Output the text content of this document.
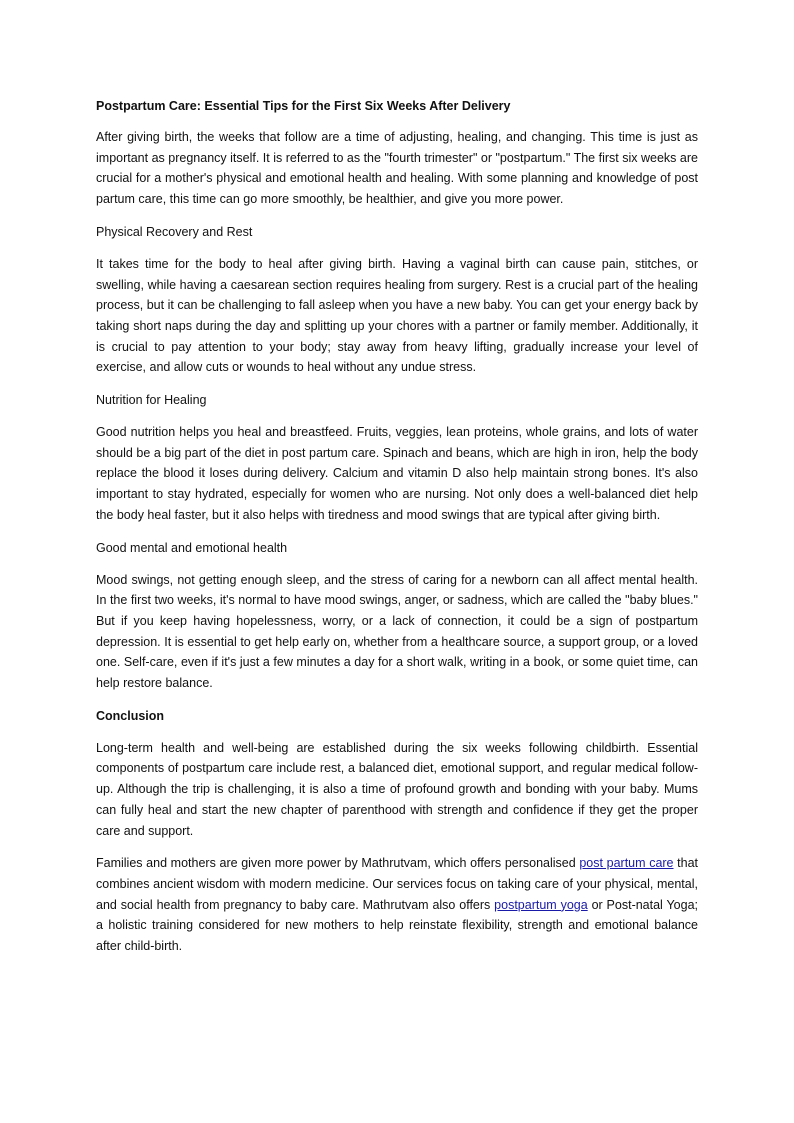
Postpartum Care: Essential Tips for the First Six Weeks After Delivery

After giving birth, the weeks that follow are a time of adjusting, healing, and changing. This time is just as important as pregnancy itself. It is referred to as the "fourth trimester" or "postpartum." The first six weeks are crucial for a mother's physical and emotional health and healing. With some planning and knowledge of post partum care, this time can go more smoothly, be healthier, and give you more power.

Physical Recovery and Rest

It takes time for the body to heal after giving birth. Having a vaginal birth can cause pain, stitches, or swelling, while having a caesarean section requires healing from surgery. Rest is a crucial part of the healing process, but it can be challenging to fall asleep when you have a new baby. You can get your energy back by taking short naps during the day and splitting up your chores with a partner or family member. Additionally, it is crucial to pay attention to your body; stay away from heavy lifting, gradually increase your level of exercise, and allow cuts or wounds to heal without any undue stress.

Nutrition for Healing

Good nutrition helps you heal and breastfeed. Fruits, veggies, lean proteins, whole grains, and lots of water should be a big part of the diet in post partum care. Spinach and beans, which are high in iron, help the body replace the blood it loses during delivery. Calcium and vitamin D also help maintain strong bones. It's also important to stay hydrated, especially for women who are nursing. Not only does a well-balanced diet help the body heal faster, but it also helps with tiredness and mood swings that are typical after giving birth.

Good mental and emotional health

Mood swings, not getting enough sleep, and the stress of caring for a newborn can all affect mental health. In the first two weeks, it's normal to have mood swings, anger, or sadness, which are called the "baby blues." But if you keep having hopelessness, worry, or a lack of connection, it could be a sign of postpartum depression. It is essential to get help early on, whether from a healthcare source, a support group, or a loved one. Self-care, even if it's just a few minutes a day for a short walk, writing in a book, or some quiet time, can help restore balance.

Conclusion

Long-term health and well-being are established during the six weeks following childbirth. Essential components of postpartum care include rest, a balanced diet, emotional support, and regular medical follow-up. Although the trip is challenging, it is also a time of profound growth and bonding with your baby. Mums can fully heal and start the new chapter of parenthood with strength and confidence if they get the proper care and support.

Families and mothers are given more power by Mathrutvam, which offers personalised post partum care that combines ancient wisdom with modern medicine. Our services focus on taking care of your physical, mental, and social health from pregnancy to baby care. Mathrutvam also offers postpartum yoga or Post-natal Yoga; a holistic training considered for new mothers to help reinstate flexibility, strength and emotional balance after child-birth.
